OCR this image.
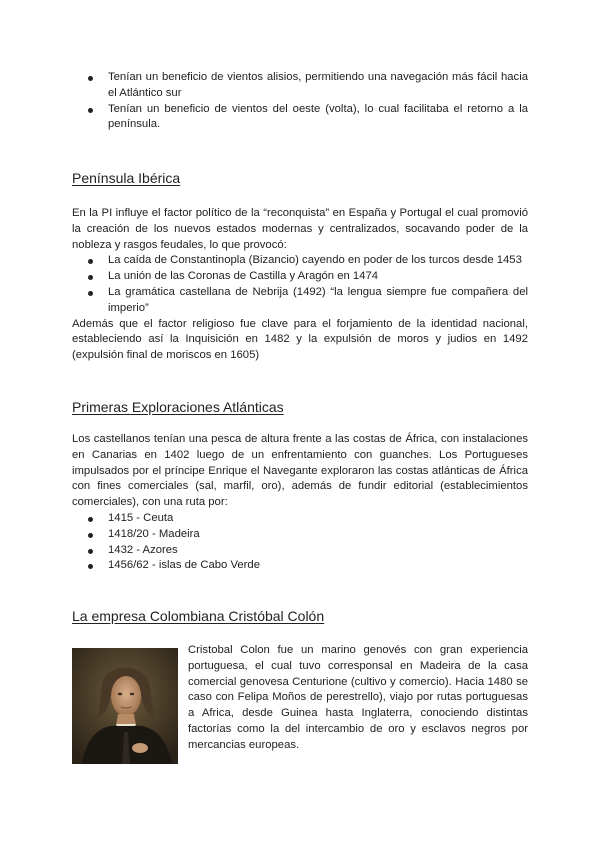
Tenían un beneficio de vientos alisios, permitiendo una navegación más fácil hacia el Atlántico sur
Tenían un beneficio de vientos del oeste (volta), lo cual facilitaba el retorno a la península.
Península Ibérica

En la PI influye el factor político de la “reconquista” en España y Portugal el cual promovió la creación de los nuevos estados modernas y centralizados, socavando poder de la nobleza y rasgos feudales, lo que provocó:

La caída de Constantinopla (Bizancio) cayendo en poder de los turcos desde 1453
La unión de las Coronas de Castilla y Aragón en 1474
La gramática castellana de Nebrija (1492) “la lengua siempre fue compañera del imperio”

Además que el factor religioso fue clave para el forjamiento de la identidad nacional, estableciendo así la Inquisición en 1482 y la expulsión de moros y judios en 1492 (expulsión final de moriscos en 1605)

Primeras Exploraciones Atlánticas

Los castellanos tenían una pesca de altura frente a las costas de África, con instalaciones en Canarias en 1402 luego de un enfrentamiento con guanches. Los Portugueses impulsados por el príncipe Enrique el Navegante exploraron las costas atlánticas de África con fines comerciales (sal, marfil, oro), además de fundir editorial (establecimientos comerciales), con una ruta por:

1415 - Ceuta
1418/20 - Madeira
1432 - Azores
1456/62 - islas de Cabo Verde
La empresa Colombiana Cristóbal Colón

Cristobal Colon fue un marino genovés con gran experiencia portuguesa, el cual tuvo corresponsal en Madeira de la casa comercial genovesa Centurione (cultivo y comercio). Hacia 1480 se caso con Felipa Moños de perestrello), viajo por rutas portuguesas a Africa, desde Guinea hasta Inglaterra, conociendo distintas factorías como la del intercambio de oro y esclavos negros por mercancias europeas.
